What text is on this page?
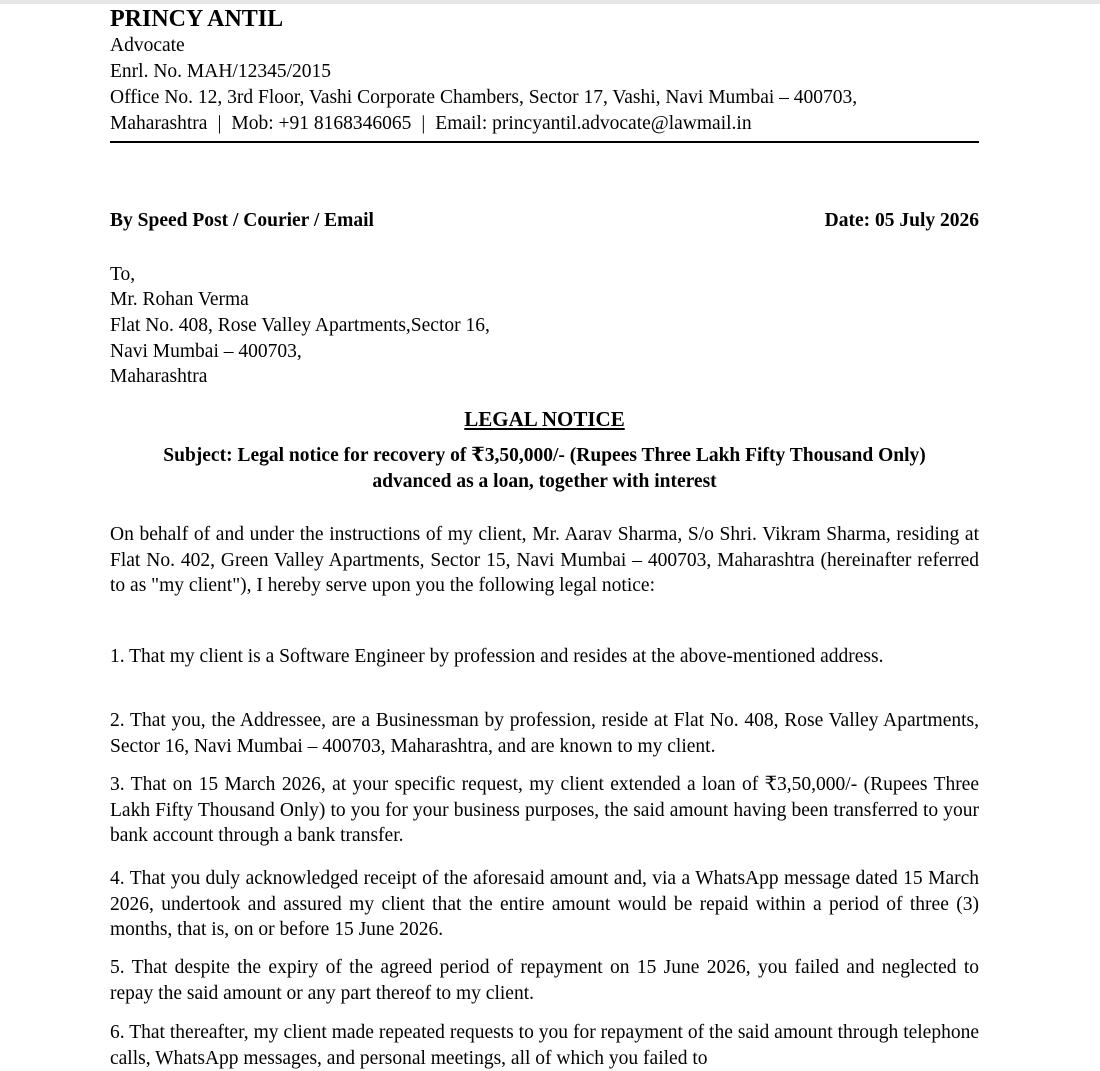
PRINCY ANTIL
Advocate
Enrl. No. MAH/12345/2015
Office No. 12, 3rd Floor, Vashi Corporate Chambers, Sector 17, Vashi, Navi Mumbai – 400703,
Maharashtra | Mob: +91 8168346065 | Email: princyantil.advocate@lawmail.in
By Speed Post / Courier / Email	Date: 05 July 2026
To,
Mr. Rohan Verma
Flat No. 408, Rose Valley Apartments,Sector 16,
Navi Mumbai – 400703,
Maharashtra
LEGAL NOTICE
Subject: Legal notice for recovery of ₹3,50,000/- (Rupees Three Lakh Fifty Thousand Only)
advanced as a loan, together with interest

On behalf of and under the instructions of my client, Mr. Aarav Sharma, S/o Shri. Vikram Sharma, residing at Flat No. 402, Green Valley Apartments, Sector 15, Navi Mumbai – 400703, Maharashtra (hereinafter referred to as "my client"), I hereby serve upon you the following legal notice:

1. That my client is a Software Engineer by profession and resides at the above-mentioned address.

2. That you, the Addressee, are a Businessman by profession, reside at Flat No. 408, Rose Valley Apartments, Sector 16, Navi Mumbai – 400703, Maharashtra, and are known to my client.

3. That on 15 March 2026, at your specific request, my client extended a loan of ₹3,50,000/- (Rupees Three Lakh Fifty Thousand Only) to you for your business purposes, the said amount having been transferred to your bank account through a bank transfer.

4. That you duly acknowledged receipt of the aforesaid amount and, via a WhatsApp message dated 15 March 2026, undertook and assured my client that the entire amount would be repaid within a period of three (3) months, that is, on or before 15 June 2026.

5. That despite the expiry of the agreed period of repayment on 15 June 2026, you failed and neglected to repay the said amount or any part thereof to my client.

6. That thereafter, my client made repeated requests to you for repayment of the said amount through telephone calls, WhatsApp messages, and personal meetings, all of which you failed to
